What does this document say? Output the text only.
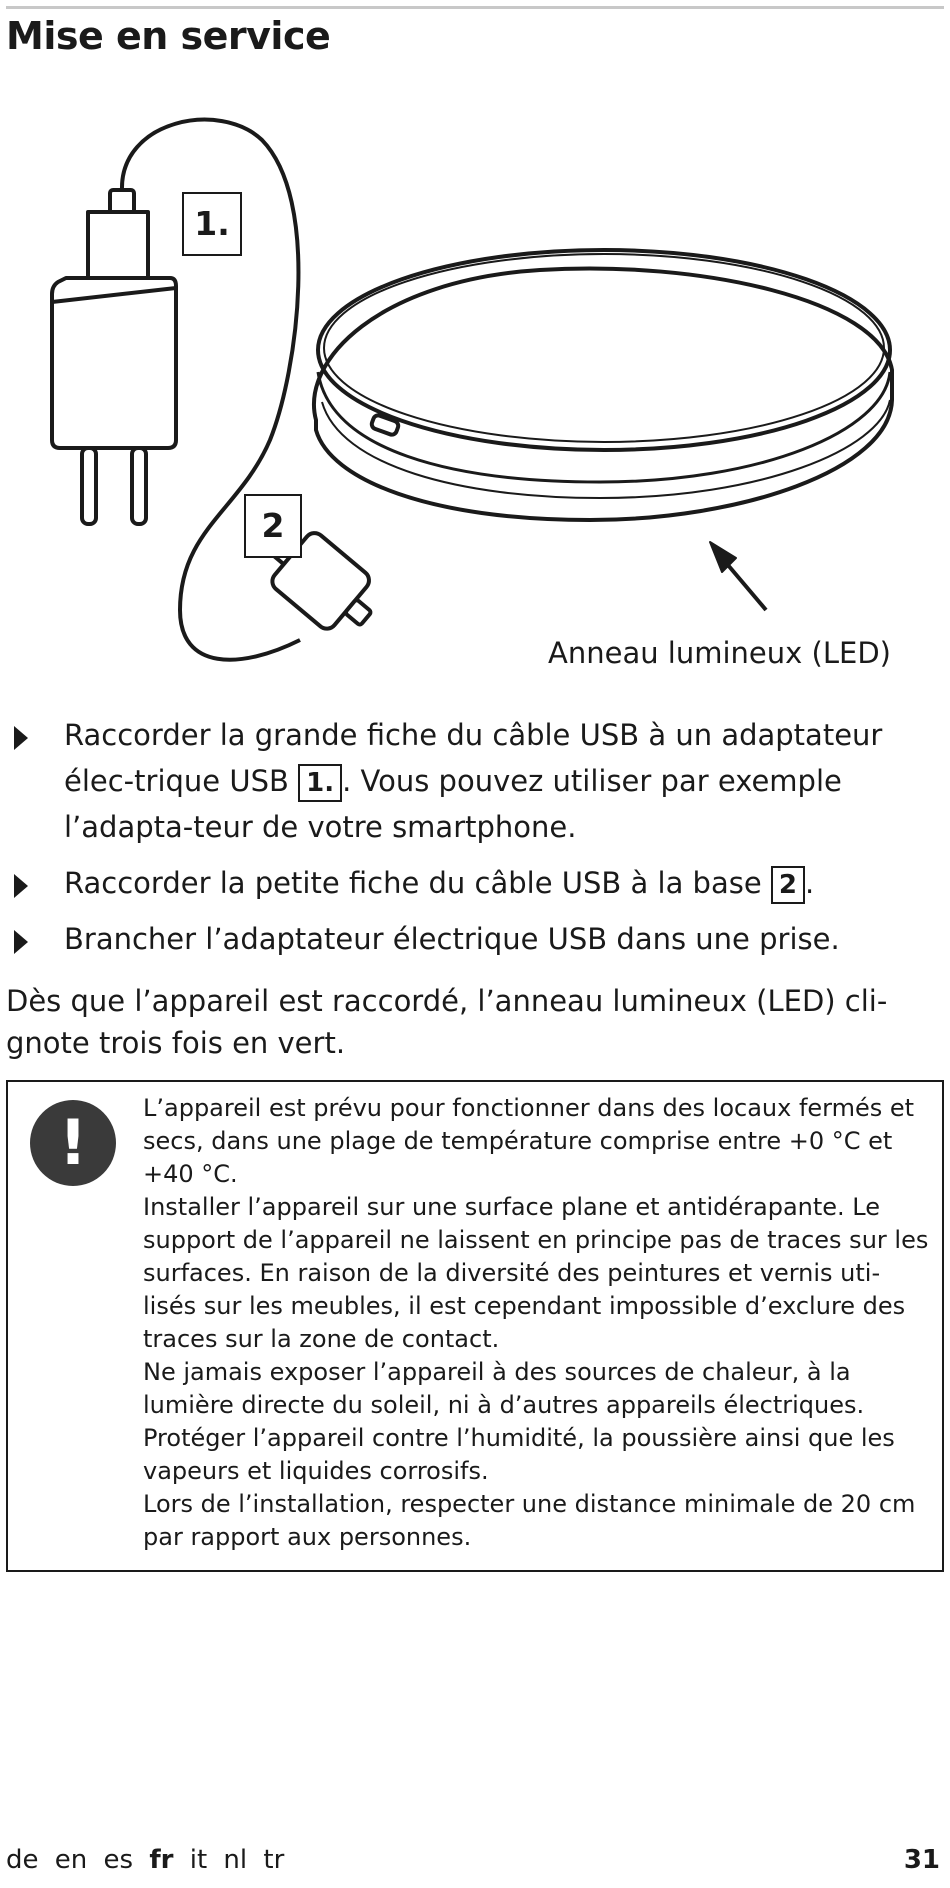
Mise en service
1.
2
Anneau lumineux (LED)
Raccorder la grande fiche du câble USB à un adaptateur élec-trique USB 1. . Vous pouvez utiliser par exemple l’adapta-teur de votre smartphone.
Raccorder la petite fiche du câble USB à la base 2 .
Brancher l’adaptateur électrique USB dans une prise.

Dès que l’appareil est raccordé, l’anneau lumineux (LED) cli-gnote trois fois en vert.

!	L’appareil est prévu pour fonctionner dans des locaux fermés et secs, dans une plage de température comprise entre +0 °C et +40 °C.

Installer l’appareil sur une surface plane et antidérapante. Le support de l’appareil ne laissent en principe pas de traces sur les surfaces. En raison de la diversité des peintures et vernis uti-lisés sur les meubles, il est cependant impossible d’exclure des traces sur la zone de contact.

Ne jamais exposer l’appareil à des sources de chaleur, à la lumière directe du soleil, ni à d’autres appareils électriques.

Protéger l’appareil contre l’humidité, la poussière ainsi que les vapeurs et liquides corrosifs.

Lors de l’installation, respecter une distance minimale de 20 cm par rapport aux personnes.

de en es fr it nl tr	31
